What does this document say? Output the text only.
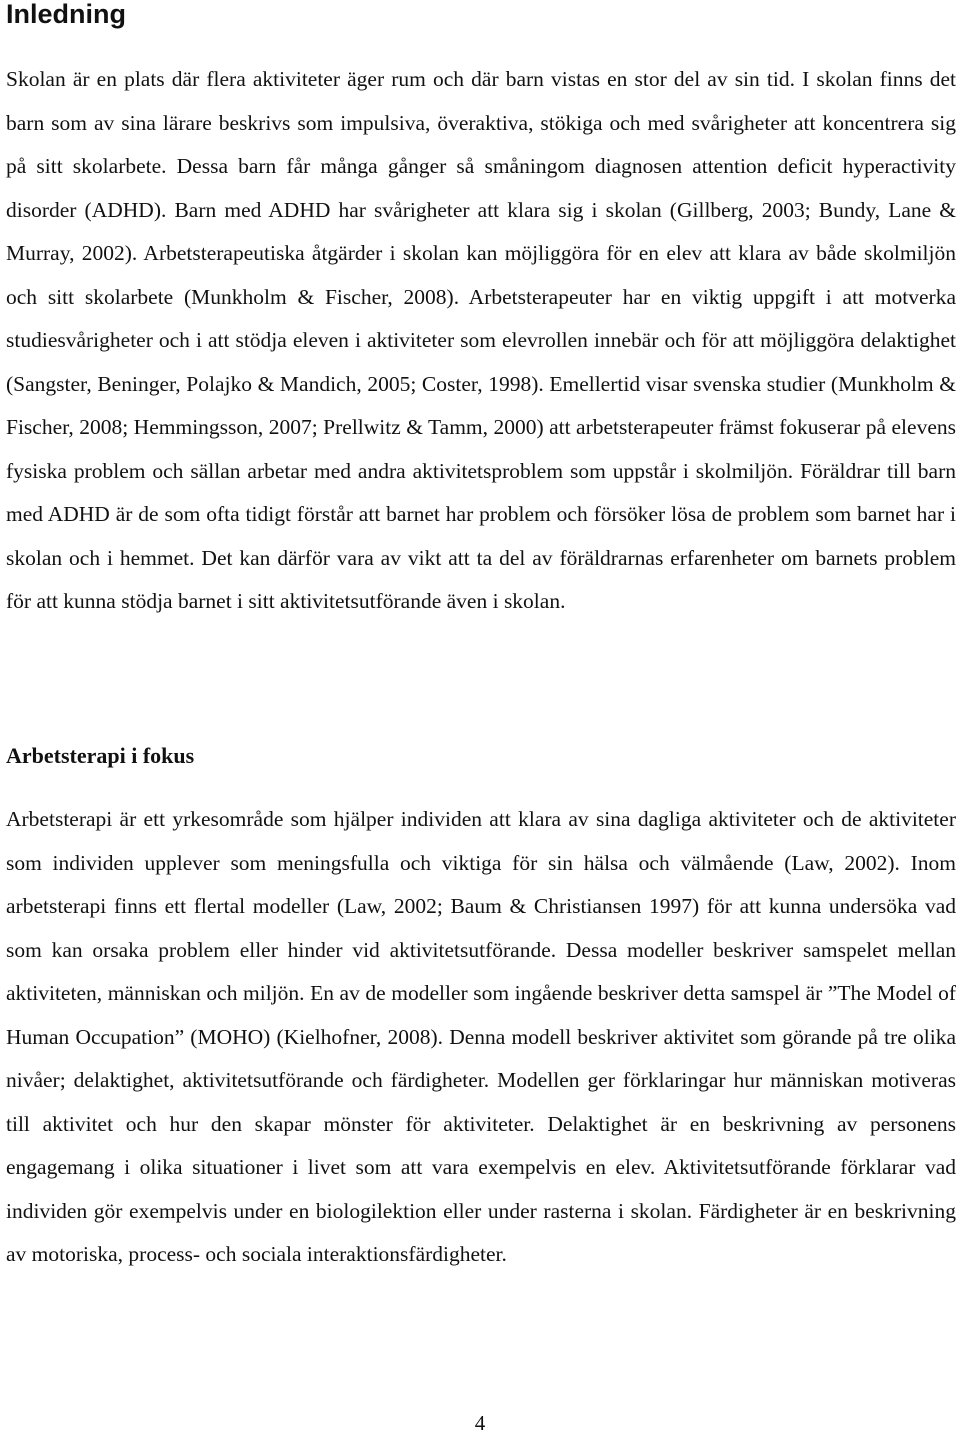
Inledning

Skolan är en plats där flera aktiviteter äger rum och där barn vistas en stor del av sin tid. I skolan finns det barn som av sina lärare beskrivs som impulsiva, överaktiva, stökiga och med svårigheter att koncentrera sig på sitt skolarbete. Dessa barn får många gånger så småningom diagnosen attention deficit hyperactivity disorder (ADHD). Barn med ADHD har svårigheter att klara sig i skolan (Gillberg, 2003; Bundy, Lane & Murray, 2002). Arbetsterapeutiska åtgärder i skolan kan möjliggöra för en elev att klara av både skolmiljön och sitt skolarbete (Munkholm & Fischer, 2008). Arbetsterapeuter har en viktig uppgift i att motverka studiesvårigheter och i att stödja eleven i aktiviteter som elevrollen innebär och för att möjliggöra delaktighet (Sangster, Beninger, Polajko & Mandich, 2005; Coster, 1998). Emellertid visar svenska studier (Munkholm & Fischer, 2008; Hemmingsson, 2007; Prellwitz & Tamm, 2000) att arbetsterapeuter främst fokuserar på elevens fysiska problem och sällan arbetar med andra aktivitetsproblem som uppstår i skolmiljön. Föräldrar till barn med ADHD är de som ofta tidigt förstår att barnet har problem och försöker lösa de problem som barnet har i skolan och i hemmet. Det kan därför vara av vikt att ta del av föräldrarnas erfarenheter om barnets problem för att kunna stödja barnet i sitt aktivitetsutförande även i skolan.

Arbetsterapi i fokus

Arbetsterapi är ett yrkesområde som hjälper individen att klara av sina dagliga aktiviteter och de aktiviteter som individen upplever som meningsfulla och viktiga för sin hälsa och välmående (Law, 2002). Inom arbetsterapi finns ett flertal modeller (Law, 2002; Baum & Christiansen 1997) för att kunna undersöka vad som kan orsaka problem eller hinder vid aktivitetsutförande. Dessa modeller beskriver samspelet mellan aktiviteten, människan och miljön. En av de modeller som ingående beskriver detta samspel är ”The Model of Human Occupation” (MOHO) (Kielhofner, 2008). Denna modell beskriver aktivitet som görande på tre olika nivåer; delaktighet, aktivitetsutförande och färdigheter. Modellen ger förklaringar hur människan motiveras till aktivitet och hur den skapar mönster för aktiviteter. Delaktighet är en beskrivning av personens engagemang i olika situationer i livet som att vara exempelvis en elev. Aktivitetsutförande förklarar vad individen gör exempelvis under en biologilektion eller under rasterna i skolan. Färdigheter är en beskrivning av motoriska, process- och sociala interaktionsfärdigheter.

4
